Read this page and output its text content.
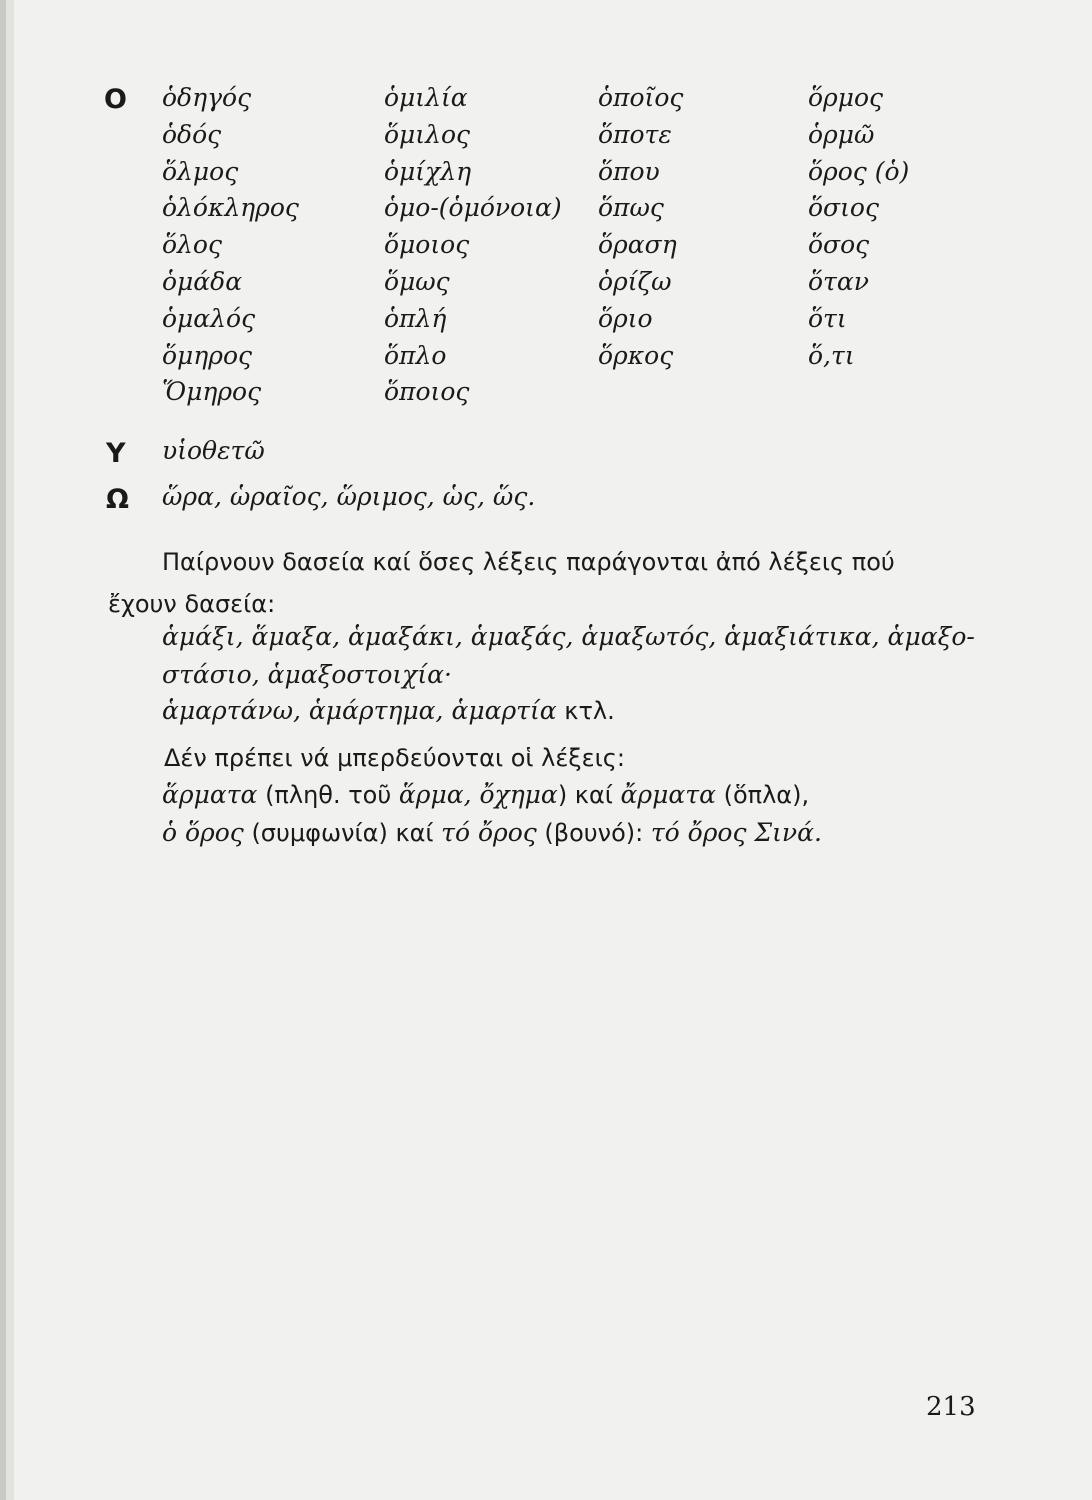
O ὁδηγός
ὁδός
ὅλμος
ὁλόκληρος
ὅλος
ὁμάδα
ὁμαλός
ὅμηρος
Ὅμηρος
ὁμιλία
ὅμιλος
ὁμίχλη
ὁμο-(ὁμόνοια)
ὅμοιος
ὅμως
ὁπλή
ὅπλο
ὅποιος
ὁποῖος
ὅποτε
ὅπου
ὅπως
ὅραση
ὁρίζω
ὅριο
ὅρκος
ὅρμος
ὁρμῶ
ὅρος (ὁ)
ὅσιος
ὅσος
ὅταν
ὅτι
ὅ,τι
Υ υἱοθετῶ
Ω ὥρα, ὡραῖος, ὥριμος, ὡς, ὥς.
Παίρνουν δασεία καί ὅσες λέξεις παράγονται ἀπό λέξεις πού
ἔχουν δασεία:
ἁμάξι, ἅμαξα, ἁμαξάκι, ἁμαξάς, ἁμαξωτός, ἁμαξιάτικα, ἁμαξο-
στάσιο, ἁμαξοστοιχία·
ἁμαρτάνω, ἁμάρτημα, ἁμαρτία κτλ.
Δέν πρέπει νά μπερδεύονται οἱ λέξεις:
ἅρματα (πληθ. τοῦ ἅρμα, ὄχημα) καί ἄρματα (ὅπλα),
ὁ ὅρος (συμφωνία) καί τό ὄρος (βουνό): τό ὄρος Σινά.
213
